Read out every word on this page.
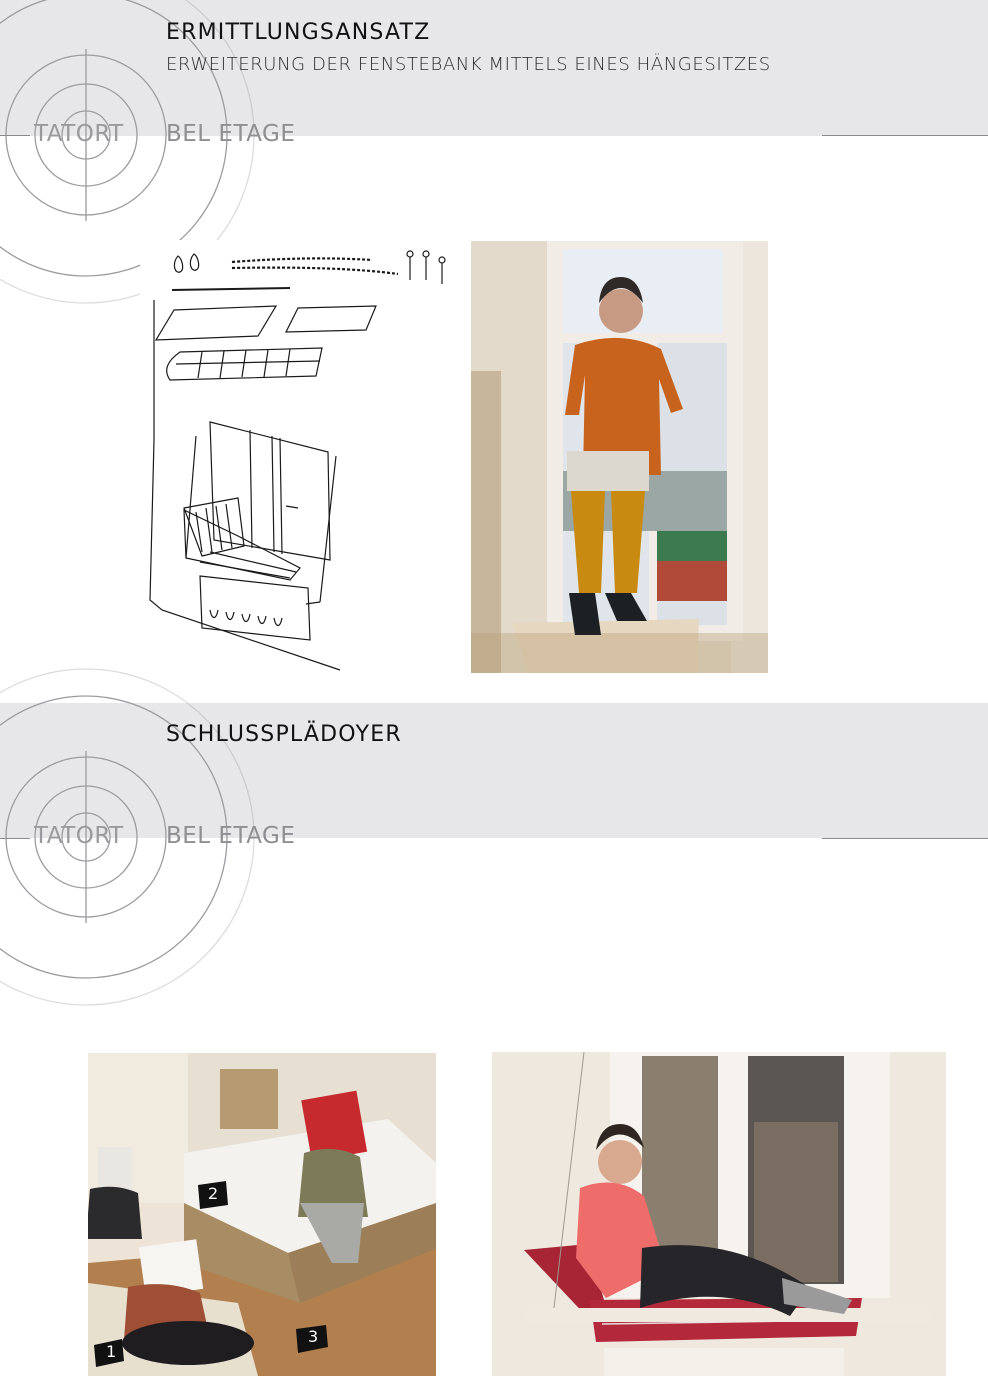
ERMITTLUNGSANSATZ
ERWEITERUNG DER FENSTEBANK MITTELS EINES HÄNGESITZES
TATORT BEL ETAGE
SCHLUSSPLÄDOYER
TATORT BEL ETAGE
1
2
3
